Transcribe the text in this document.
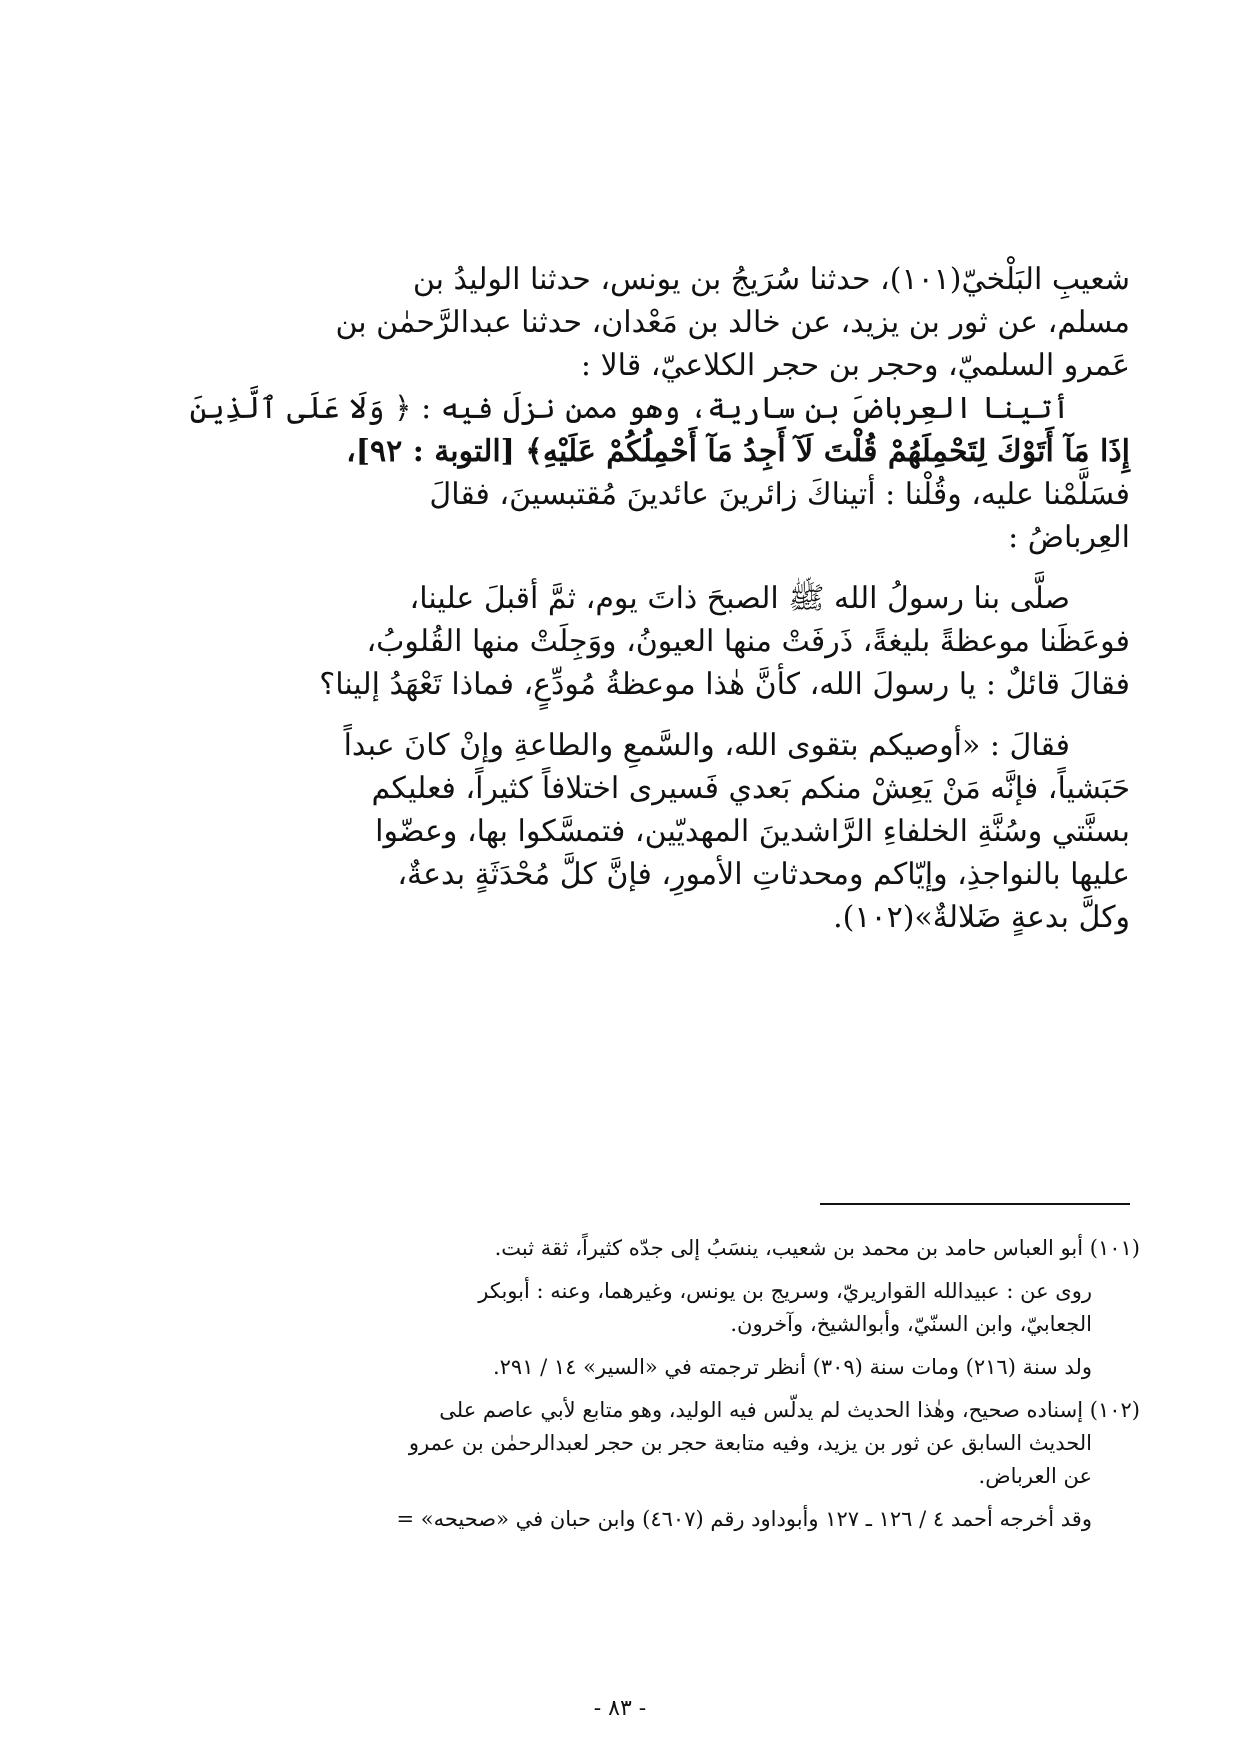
شعيبِ البَلْخيّ(١٠١)، حدثنا سُرَيجُ بن يونس، حدثنا الوليدُ بن

مسلم، عن ثور بن يزيد، عن خالد بن مَعْدان، حدثنا عبدالرَّحمٰن بن

عَمرو السلميّ، وحجر بن حجر الكلاعيّ، قالا :

أتينا العِرباضَ بن سارية، وهو ممن نزلَ فيه : ﴿ وَلَا عَلَى ٱلَّذِينَ

إِذَا مَآ أَتَوْكَ لِتَحْمِلَهُمْ قُلْتَ لَآ أَجِدُ مَآ أَحْمِلُكُمْ عَلَيْهِ﴾ [التوبة : ٩٢]،

فسَلَّمْنا عليه، وقُلْنا : أتيناكَ زائرينَ عائدينَ مُقتبسينَ، فقالَ

العِرباضُ :

صلَّى بنا رسولُ الله ﷺ الصبحَ ذاتَ يوم، ثمَّ أقبلَ علينا،

فوعَظَنا موعظةً بليغةً، ذَرفَتْ منها العيونُ، ووَجِلَتْ منها القُلوبُ،

فقالَ قائلٌ : يا رسولَ الله، كأنَّ هٰذا موعظةُ مُودِّعٍ، فماذا تَعْهَدُ إلينا؟

فقالَ : «أوصيكم بتقوى الله، والسَّمعِ والطاعةِ وإنْ كانَ عبداً

حَبَشياً، فإنَّه مَنْ يَعِشْ منكم بَعدي فَسيرى اختلافاً كثيراً، فعليكم

بسنَّتي وسُنَّةِ الخلفاءِ الرَّاشدينَ المهديّين، فتمسَّكوا بها، وعضّوا

عليها بالنواجذِ، وإيّاكم ومحدثاتِ الأمورِ، فإنَّ كلَّ مُحْدَثَةٍ بدعةٌ،

وكلَّ بدعةٍ ضَلالةٌ»(١٠٢).

(١٠١) أبو العباس حامد بن محمد بن شعيب، ينسَبُ إلى جدّه كثيراً، ثقة ثبت.

روى عن : عبيدالله القواريريّ، وسريج بن يونس، وغيرهما، وعنه : أبوبكر

الجعابيّ، وابن السنّيّ، وأبوالشيخ، وآخرون.

ولد سنة (٢١٦) ومات سنة (٣٠٩) أنظر ترجمته في «السير» ١٤ / ٢٩١.

(١٠٢) إسناده صحيح، وهٰذا الحديث لم يدلّس فيه الوليد، وهو متابع لأبي عاصم على

الحديث السابق عن ثور بن يزيد، وفيه متابعة حجر بن حجر لعبدالرحمٰن بن عمرو

عن العرباض.

وقد أخرجه أحمد ٤ / ١٢٦ ـ ١٢٧ وأبوداود رقم (٤٦٠٧) وابن حبان في «صحيحه» =

- ٨٣ -
